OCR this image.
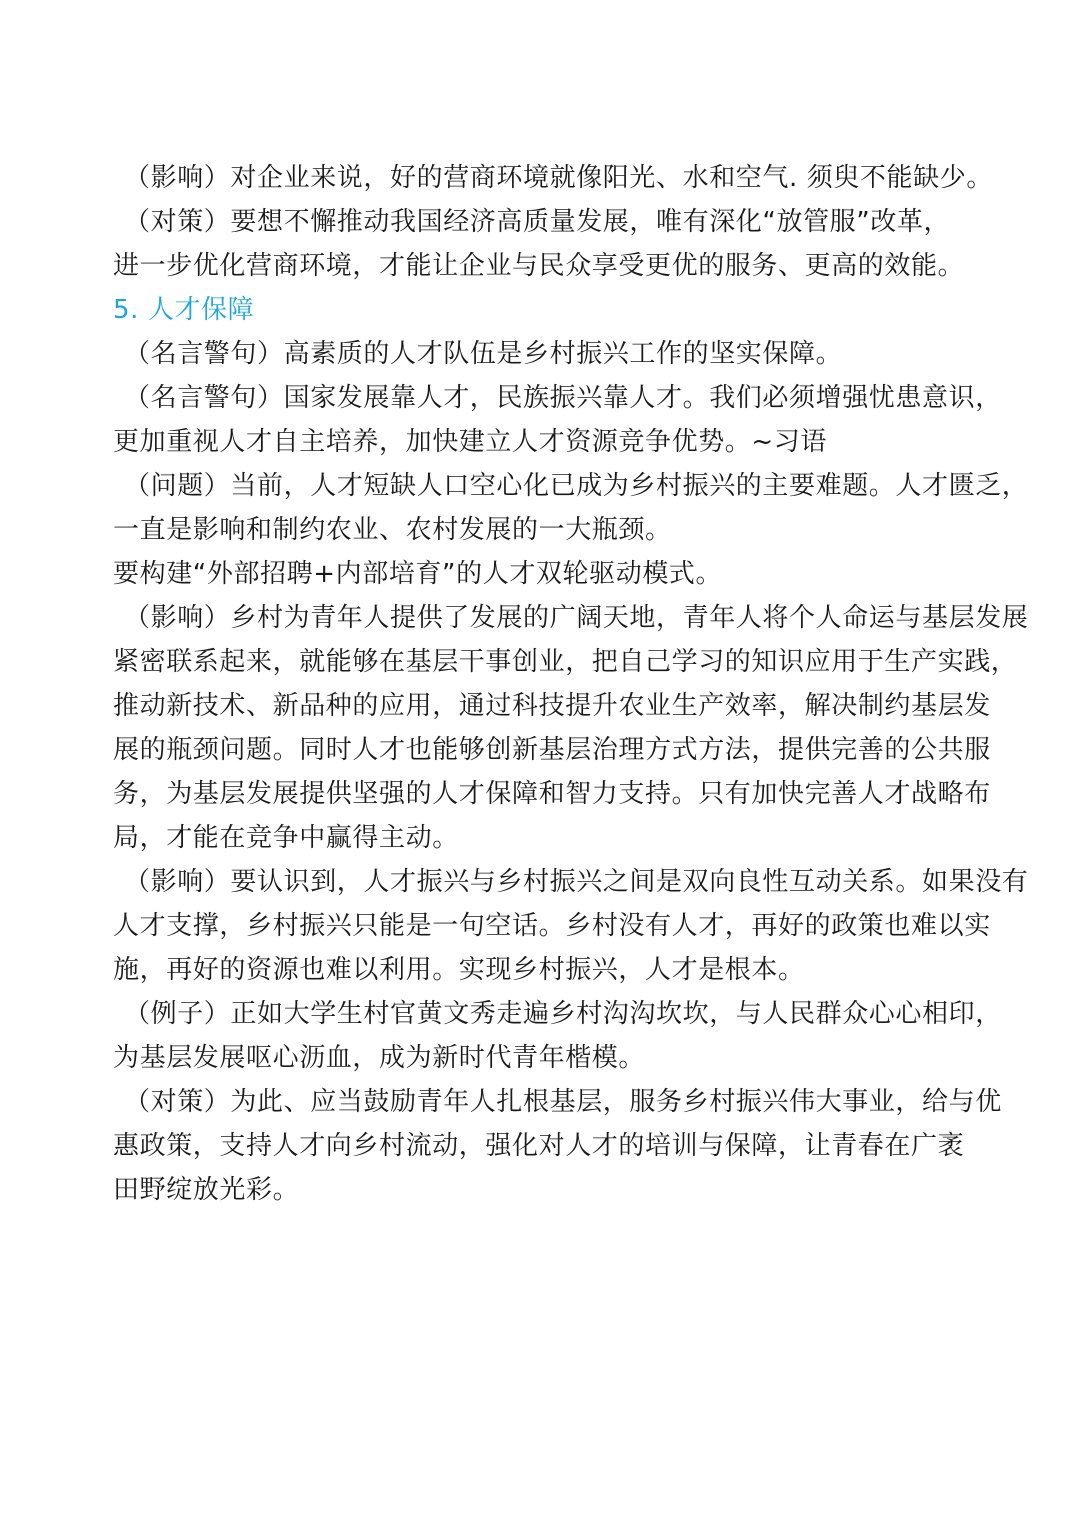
（影响）对企业来说，好的营商环境就像阳光、水和空气. 须臾不能缺少。
（对策）要想不懈推动我国经济高质量发展，唯有深化“放管服”改革，
进一步优化营商环境，才能让企业与民众享受更优的服务、更高的效能。
5. 人才保障
（名言警句）高素质的人才队伍是乡村振兴工作的坚实保障。
（名言警句）国家发展靠人才，民族振兴靠人才。我们必须增强忧患意识，
更加重视人才自主培养，加快建立人才资源竞争优势。~习语
（问题）当前，人才短缺人口空心化已成为乡村振兴的主要难题。人才匮乏，
一直是影响和制约农业、农村发展的一大瓶颈。
要构建“外部招聘+内部培育”的人才双轮驱动模式。
（影响）乡村为青年人提供了发展的广阔天地，青年人将个人命运与基层发展
紧密联系起来，就能够在基层干事创业，把自己学习的知识应用于生产实践，
推动新技术、新品种的应用，通过科技提升农业生产效率，解决制约基层发
展的瓶颈问题。同时人才也能够创新基层治理方式方法，提供完善的公共服
务，为基层发展提供坚强的人才保障和智力支持。只有加快完善人才战略布
局，才能在竞争中赢得主动。
（影响）要认识到，人才振兴与乡村振兴之间是双向良性互动关系。如果没有
人才支撑，乡村振兴只能是一句空话。乡村没有人才，再好的政策也难以实
施，再好的资源也难以利用。实现乡村振兴，人才是根本。
（例子）正如大学生村官黄文秀走遍乡村沟沟坎坎，与人民群众心心相印，
为基层发展呕心沥血，成为新时代青年楷模。
（对策）为此、应当鼓励青年人扎根基层，服务乡村振兴伟大事业，给与优
惠政策，支持人才向乡村流动，强化对人才的培训与保障，让青春在广袤
田野绽放光彩。
